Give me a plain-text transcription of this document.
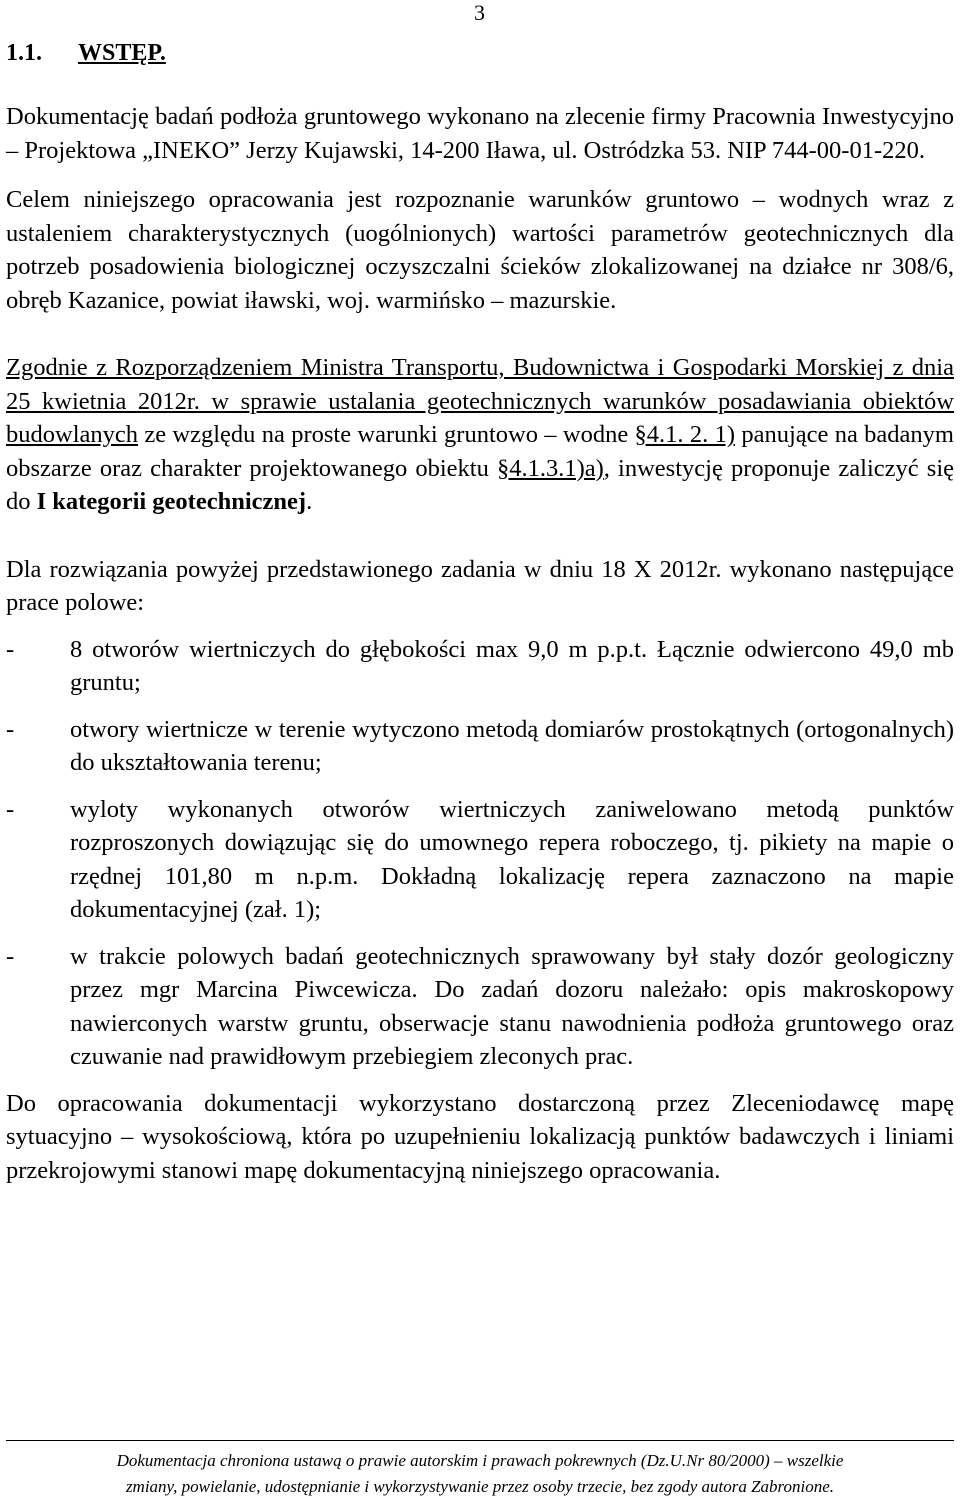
3
1.1. WSTĘP.

Dokumentację badań podłoża gruntowego wykonano na zlecenie firmy Pracownia Inwestycyjno – Projektowa „INEKO” Jerzy Kujawski, 14-200 Iława, ul. Ostródzka 53. NIP 744-00-01-220.

Celem niniejszego opracowania jest rozpoznanie warunków gruntowo – wodnych wraz z ustaleniem charakterystycznych (uogólnionych) wartości parametrów geotechnicznych dla potrzeb posadowienia biologicznej oczyszczalni ścieków zlokalizowanej na działce nr 308/6, obręb Kazanice, powiat iławski, woj. warmińsko – mazurskie.

Zgodnie z Rozporządzeniem Ministra Transportu, Budownictwa i Gospodarki Morskiej z dnia 25 kwietnia 2012r. w sprawie ustalania geotechnicznych warunków posadawiania obiektów budowlanych ze względu na proste warunki gruntowo – wodne §4.1. 2. 1) panujące na badanym obszarze oraz charakter projektowanego obiektu §4.1.3.1)a), inwestycję proponuje zaliczyć się do I kategorii geotechnicznej.

Dla rozwiązania powyżej przedstawionego zadania w dniu 18 X 2012r. wykonano następujące prace polowe:

- 8 otworów wiertniczych do głębokości max 9,0 m p.p.t. Łącznie odwiercono 49,0 mb gruntu;
- otwory wiertnicze w terenie wytyczono metodą domiarów prostokątnych (ortogonalnych) do ukształtowania terenu;
- wyloty wykonanych otworów wiertniczych zaniwelowano metodą punktów rozproszonych dowiązując się do umownego repera roboczego, tj. pikiety na mapie o rzędnej 101,80 m n.p.m. Dokładną lokalizację repera zaznaczono na mapie dokumentacyjnej (zał. 1);
- w trakcie polowych badań geotechnicznych sprawowany był stały dozór geologiczny przez mgr Marcina Piwcewicza. Do zadań dozoru należało: opis makroskopowy nawierconych warstw gruntu, obserwacje stanu nawodnienia podłoża gruntowego oraz czuwanie nad prawidłowym przebiegiem zleconych prac.

Do opracowania dokumentacji wykorzystano dostarczoną przez Zleceniodawcę mapę sytuacyjno – wysokościową, która po uzupełnieniu lokalizacją punktów badawczych i liniami przekrojowymi stanowi mapę dokumentacyjną niniejszego opracowania.

Dokumentacja chroniona ustawą o prawie autorskim i prawach pokrewnych (Dz.U.Nr 80/2000) – wszelkie
zmiany, powielanie, udostępnianie i wykorzystywanie przez osoby trzecie, bez zgody autora Zabronione.
